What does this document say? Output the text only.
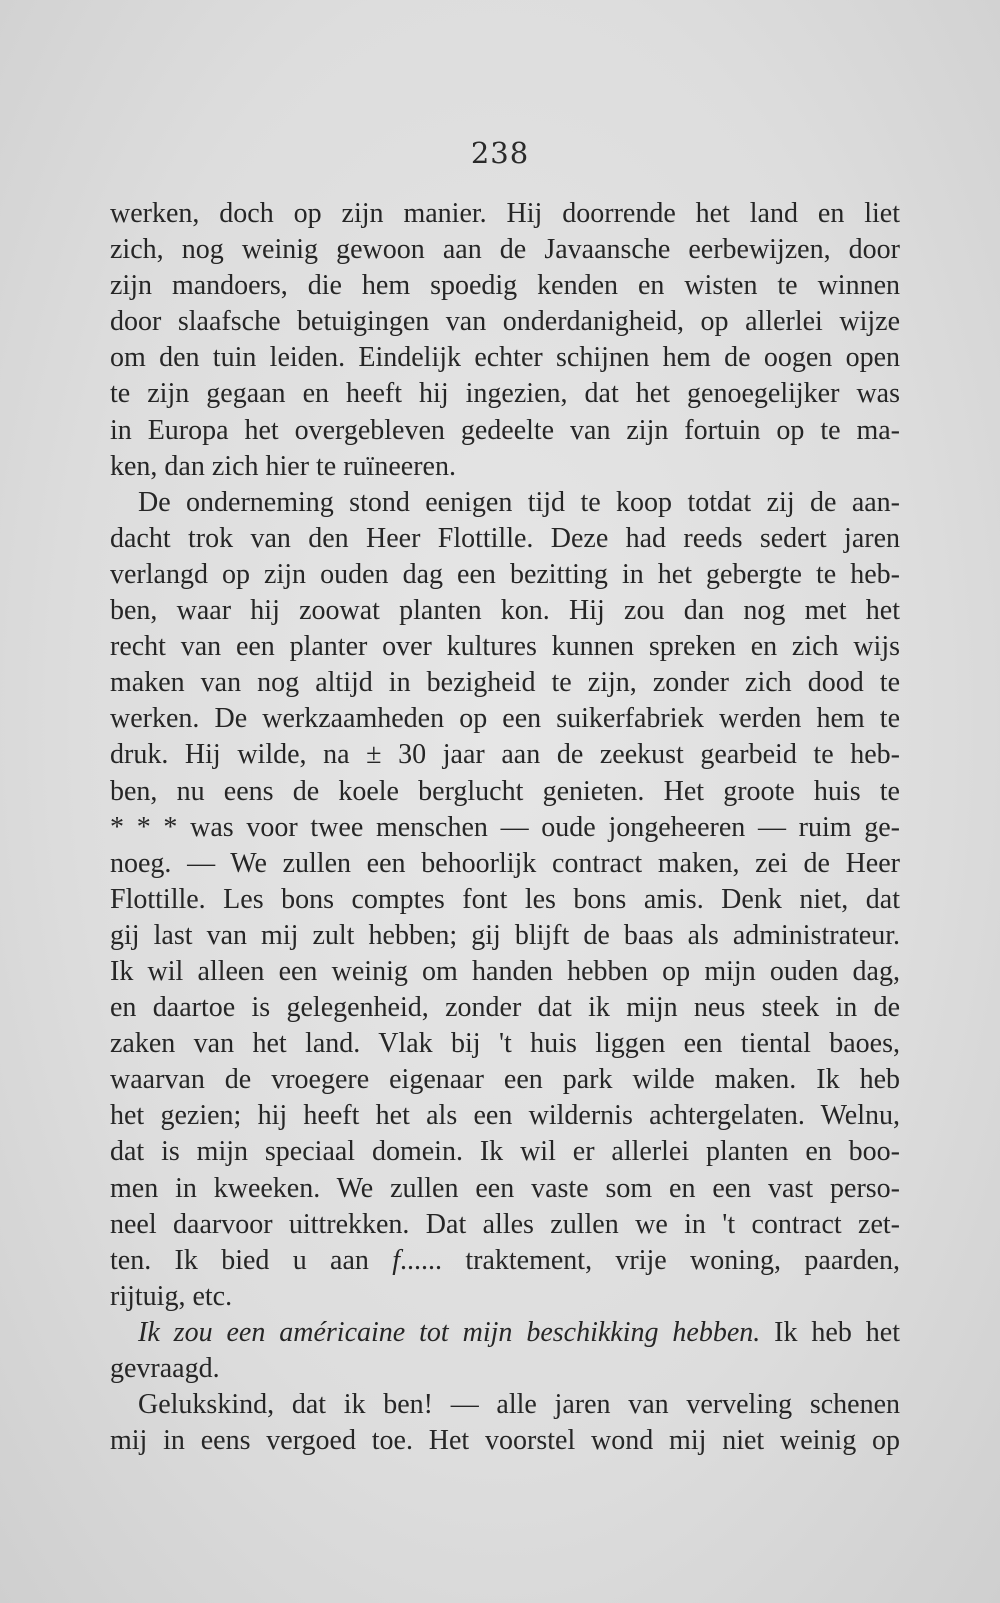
238
werken, doch op zijn manier. Hij doorrende het land en liet
zich, nog weinig gewoon aan de Javaansche eerbewijzen, door
zijn mandoers, die hem spoedig kenden en wisten te winnen
door slaafsche betuigingen van onderdanigheid, op allerlei wijze
om den tuin leiden. Eindelijk echter schijnen hem de oogen open
te zijn gegaan en heeft hij ingezien, dat het genoegelijker was
in Europa het overgebleven gedeelte van zijn fortuin op te ma-
ken, dan zich hier te ruïneeren.
De onderneming stond eenigen tijd te koop totdat zij de aan-
dacht trok van den Heer Flottille. Deze had reeds sedert jaren
verlangd op zijn ouden dag een bezitting in het gebergte te heb-
ben, waar hij zoowat planten kon. Hij zou dan nog met het
recht van een planter over kultures kunnen spreken en zich wijs
maken van nog altijd in bezigheid te zijn, zonder zich dood te
werken. De werkzaamheden op een suikerfabriek werden hem te
druk. Hij wilde, na ± 30 jaar aan de zeekust gearbeid te heb-
ben, nu eens de koele berglucht genieten. Het groote huis te
* * * was voor twee menschen — oude jongeheeren — ruim ge-
noeg. — We zullen een behoorlijk contract maken, zei de Heer
Flottille. Les bons comptes font les bons amis. Denk niet, dat
gij last van mij zult hebben; gij blijft de baas als administrateur.
Ik wil alleen een weinig om handen hebben op mijn ouden dag,
en daartoe is gelegenheid, zonder dat ik mijn neus steek in de
zaken van het land. Vlak bij 't huis liggen een tiental baoes,
waarvan de vroegere eigenaar een park wilde maken. Ik heb
het gezien; hij heeft het als een wildernis achtergelaten. Welnu,
dat is mijn speciaal domein. Ik wil er allerlei planten en boo-
men in kweeken. We zullen een vaste som en een vast perso-
neel daarvoor uittrekken. Dat alles zullen we in 't contract zet-
ten. Ik bied u aan f...... traktement, vrije woning, paarden,
rijtuig, etc.
Ik zou een américaine tot mijn beschikking hebben. Ik heb het
gevraagd.
Gelukskind, dat ik ben! — alle jaren van verveling schenen
mij in eens vergoed toe. Het voorstel wond mij niet weinig op
